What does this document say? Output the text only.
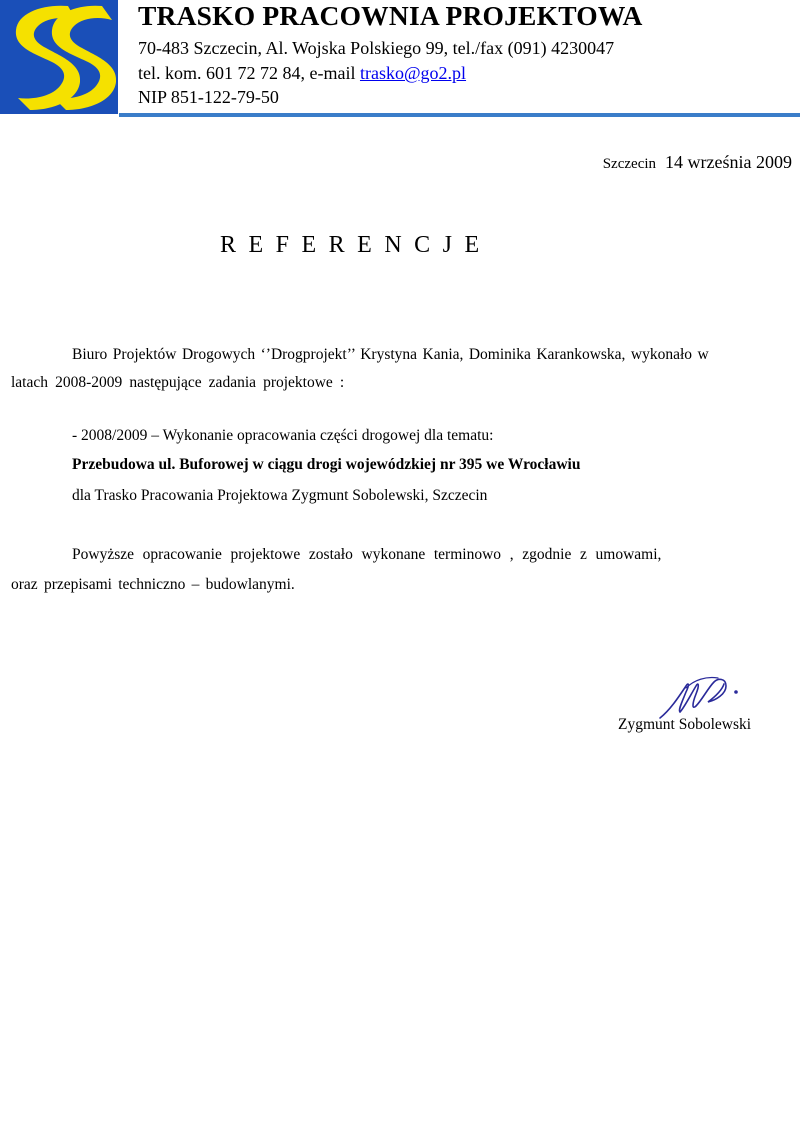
TRASKO PRACOWNIA PROJEKTOWA
70-483 Szczecin, Al. Wojska Polskiego 99, tel./fax (091) 4230047
tel. kom. 601 72 72 84, e-mail trasko@go2.pl
NIP 851-122-79-50
Szczecin 14 września 2009
REFERENCJE
Biuro Projektów Drogowych ‘’Drogprojekt’’ Krystyna Kania, Dominika Karankowska, wykonało w
latach 2008-2009 następujące zadania projektowe :
- 2008/2009 – Wykonanie opracowania części drogowej dla tematu:
Przebudowa ul. Buforowej w ciągu drogi wojewódzkiej nr 395 we Wrocławiu
dla Trasko Pracowania Projektowa Zygmunt Sobolewski, Szczecin
Powyższe opracowanie projektowe zostało wykonane terminowo , zgodnie z umowami,
oraz przepisami techniczno – budowlanymi.
Zygmunt Sobolewski
